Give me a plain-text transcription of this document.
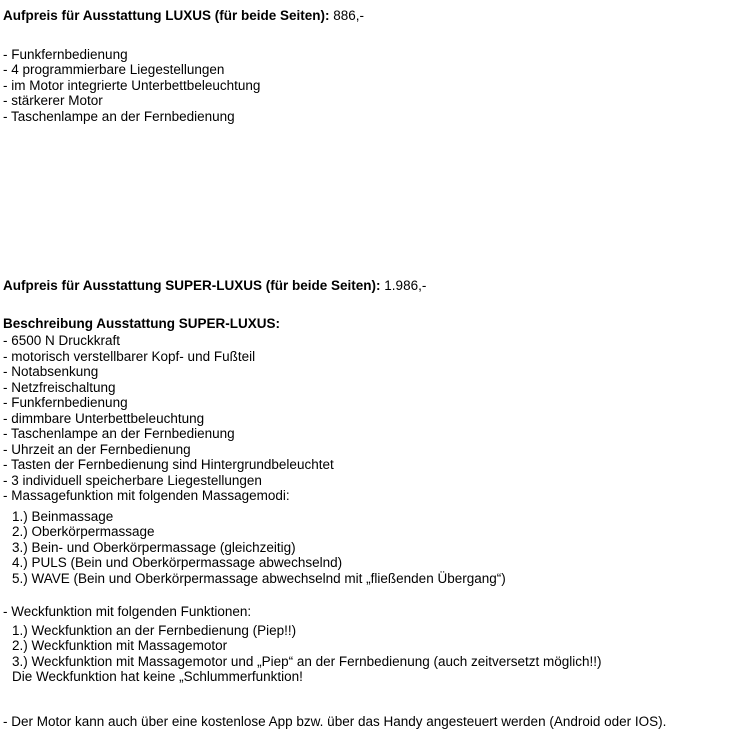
Aufpreis für Ausstattung LUXUS (für beide Seiten): 886,-
- Funkfernbedienung
- 4 programmierbare Liegestellungen
- im Motor integrierte Unterbettbeleuchtung
- stärkerer Motor
- Taschenlampe an der Fernbedienung
Aufpreis für Ausstattung SUPER-LUXUS (für beide Seiten): 1.986,-
Beschreibung Ausstattung SUPER-LUXUS:
- 6500 N Druckkraft
- motorisch verstellbarer Kopf- und Fußteil
- Notabsenkung
- Netzfreischaltung
- Funkfernbedienung
- dimmbare Unterbettbeleuchtung
- Taschenlampe an der Fernbedienung
- Uhrzeit an der Fernbedienung
- Tasten der Fernbedienung sind Hintergrundbeleuchtet
- 3 individuell speicherbare Liegestellungen
- Massagefunktion mit folgenden Massagemodi:
1.) Beinmassage
2.) Oberkörpermassage
3.) Bein- und Oberkörpermassage (gleichzeitig)
4.) PULS (Bein und Oberkörpermassage abwechselnd)
5.) WAVE (Bein und Oberkörpermassage abwechselnd mit „fließenden Übergang“)
- Weckfunktion mit folgenden Funktionen:
1.) Weckfunktion an der Fernbedienung (Piep!!)
2.) Weckfunktion mit Massagemotor
3.) Weckfunktion mit Massagemotor und „Piep“ an der Fernbedienung (auch zeitversetzt möglich!!)
Die Weckfunktion hat keine „Schlummerfunktion!
- Der Motor kann auch über eine kostenlose App bzw. über das Handy angesteuert werden (Android oder IOS).
